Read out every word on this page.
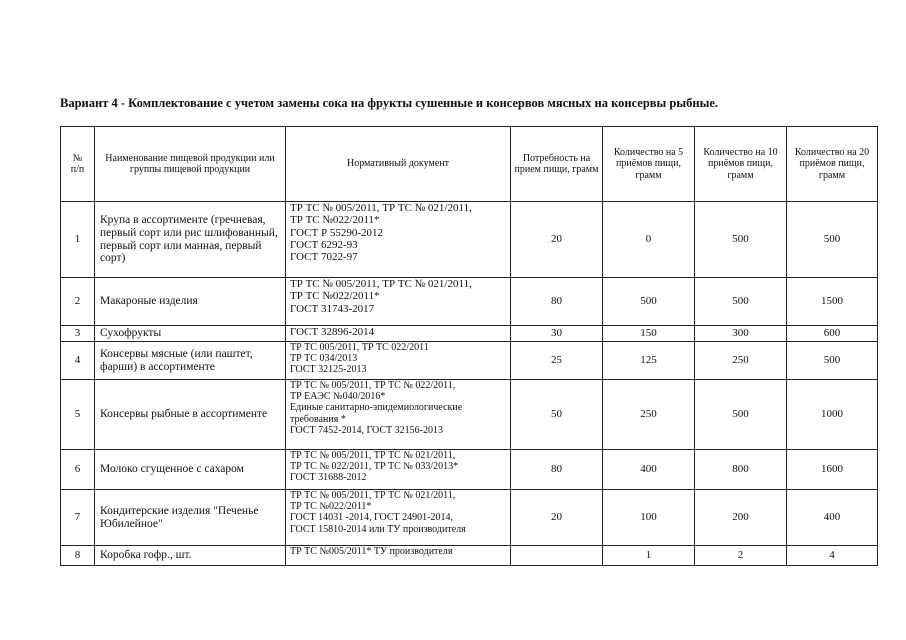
Вариант 4 - Комплектование с учетом замены сока на фрукты сушенные и консервов мясных на консервы рыбные.
№
п/п	Наименование пищевой продукции или группы пищевой продукции	Нормативный документ	Потребность на прием пищи, грамм	Количество на 5 приёмов пищи, грамм	Количество на 10 приёмов пищи, грамм	Количество на 20 приёмов пищи, грамм
1	Крупа в ассортименте (гречневая, первый сорт или рис шлифованный, первый сорт или манная, первый сорт)	ТР ТС № 005/2011, ТР ТС № 021/2011,
ТР ТС №022/2011*
ГОСТ Р 55290-2012
ГОСТ 6292-93
ГОСТ 7022-97	20	0	500	500
2	Макароные изделия	ТР ТС № 005/2011, ТР ТС № 021/2011,
ТР ТС №022/2011*
ГОСТ 31743-2017	80	500	500	1500
3	Сухофрукты	ГОСТ 32896-2014	30	150	300	600
4	Консервы мясные (или паштет, фарши) в ассортименте	ТР ТС 005/2011, ТР ТС 022/2011
ТР ТС 034/2013
ГОСТ 32125-2013	25	125	250	500
5	Консервы рыбные в ассортименте	ТР ТС № 005/2011, ТР ТС № 022/2011,
ТР ЕАЭС №040/2016*
Единые санитарно-эпидемиологические
требования *
ГОСТ 7452-2014, ГОСТ 32156-2013	50	250	500	1000
6	Молоко сгущенное с сахаром	ТР ТС № 005/2011, ТР ТС № 021/2011,
ТР ТС № 022/2011, ТР ТС № 033/2013*
ГОСТ 31688-2012	80	400	800	1600
7	Кондитерские изделия "Печенье Юбилейное"	ТР ТС № 005/2011, ТР ТС № 021/2011,
ТР ТС №022/2011*
ГОСТ 14031 -2014, ГОСТ 24901-2014,
ГОСТ 15810-2014 или ТУ производителя	20	100	200	400
8	Коробка гофр., шт.	ТР ТС №005/2011* ТУ производителя		1	2	4
